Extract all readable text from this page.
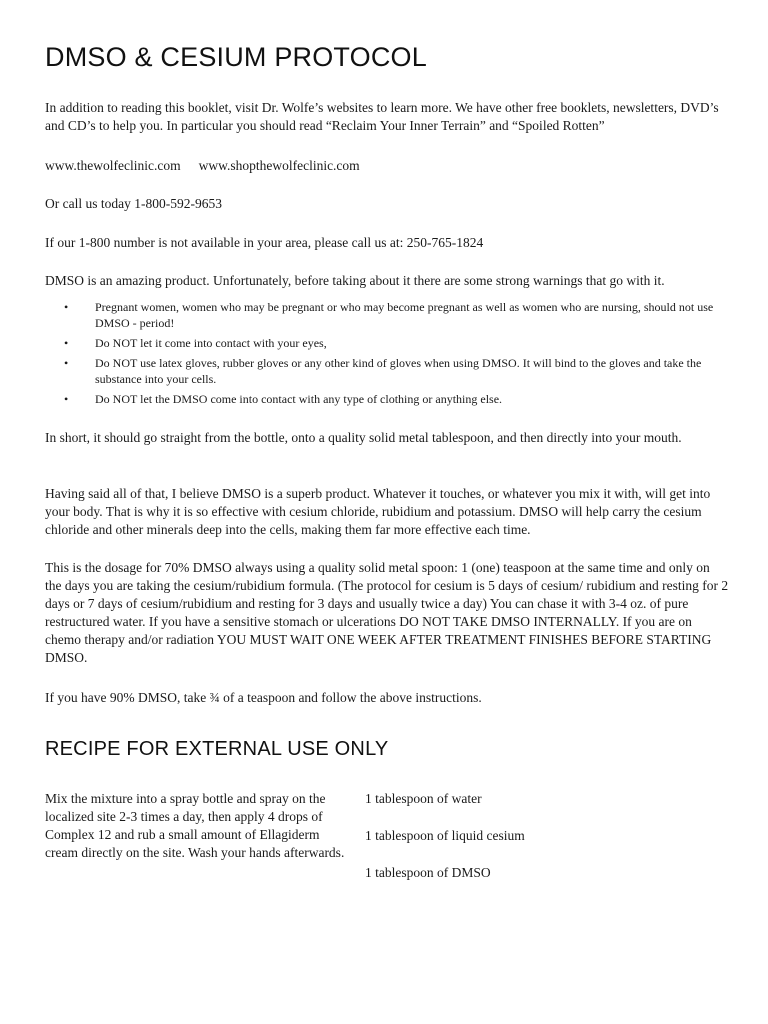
DMSO & CESIUM PROTOCOL

In addition to reading this booklet, visit Dr. Wolfe’s websites to learn more. We have other free booklets, newsletters, DVD’s and CD’s to help you. In particular you should read “Reclaim Your Inner Terrain” and “Spoiled Rotten”

www.thewolfeclinic.com www.shopthewolfeclinic.com

Or call us today 1-800-592-9653

If our 1-800 number is not available in your area, please call us at: 250-765-1824

DMSO is an amazing product. Unfortunately, before taking about it there are some strong warnings that go with it.

• Pregnant women, women who may be pregnant or who may become pregnant as well as women who are nursing, should not use DMSO - period!
• Do NOT let it come into contact with your eyes,
• Do NOT use latex gloves, rubber gloves or any other kind of gloves when using DMSO. It will bind to the gloves and take the substance into your cells.
• Do NOT let the DMSO come into contact with any type of clothing or anything else.

In short, it should go straight from the bottle, onto a quality solid metal tablespoon, and then directly into your mouth.

Having said all of that, I believe DMSO is a superb product. Whatever it touches, or whatever you mix it with, will get into your body. That is why it is so effective with cesium chloride, rubidium and potassium. DMSO will help carry the cesium chloride and other minerals deep into the cells, making them far more effective each time.

This is the dosage for 70% DMSO always using a quality solid metal spoon: 1 (one) teaspoon at the same time and only on the days you are taking the cesium/rubidium formula. (The protocol for cesium is 5 days of cesium/ rubidium and resting for 2 days or 7 days of cesium/rubidium and resting for 3 days and usually twice a day) You can chase it with 3-4 oz. of pure restructured water. If you have a sensitive stomach or ulcerations DO NOT TAKE DMSO INTERNALLY. If you are on chemo therapy and/or radiation YOU MUST WAIT ONE WEEK AFTER TREATMENT FINISHES BEFORE STARTING DMSO.

If you have 90% DMSO, take ¾ of a teaspoon and follow the above instructions.

RECIPE FOR EXTERNAL USE ONLY

Mix the mixture into a spray bottle and spray on the localized site 2-3 times a day, then apply 4 drops of Complex 12 and rub a small amount of Ellagiderm cream directly on the site. Wash your hands afterwards.

1 tablespoon of water

1 tablespoon of liquid cesium

1 tablespoon of DMSO
